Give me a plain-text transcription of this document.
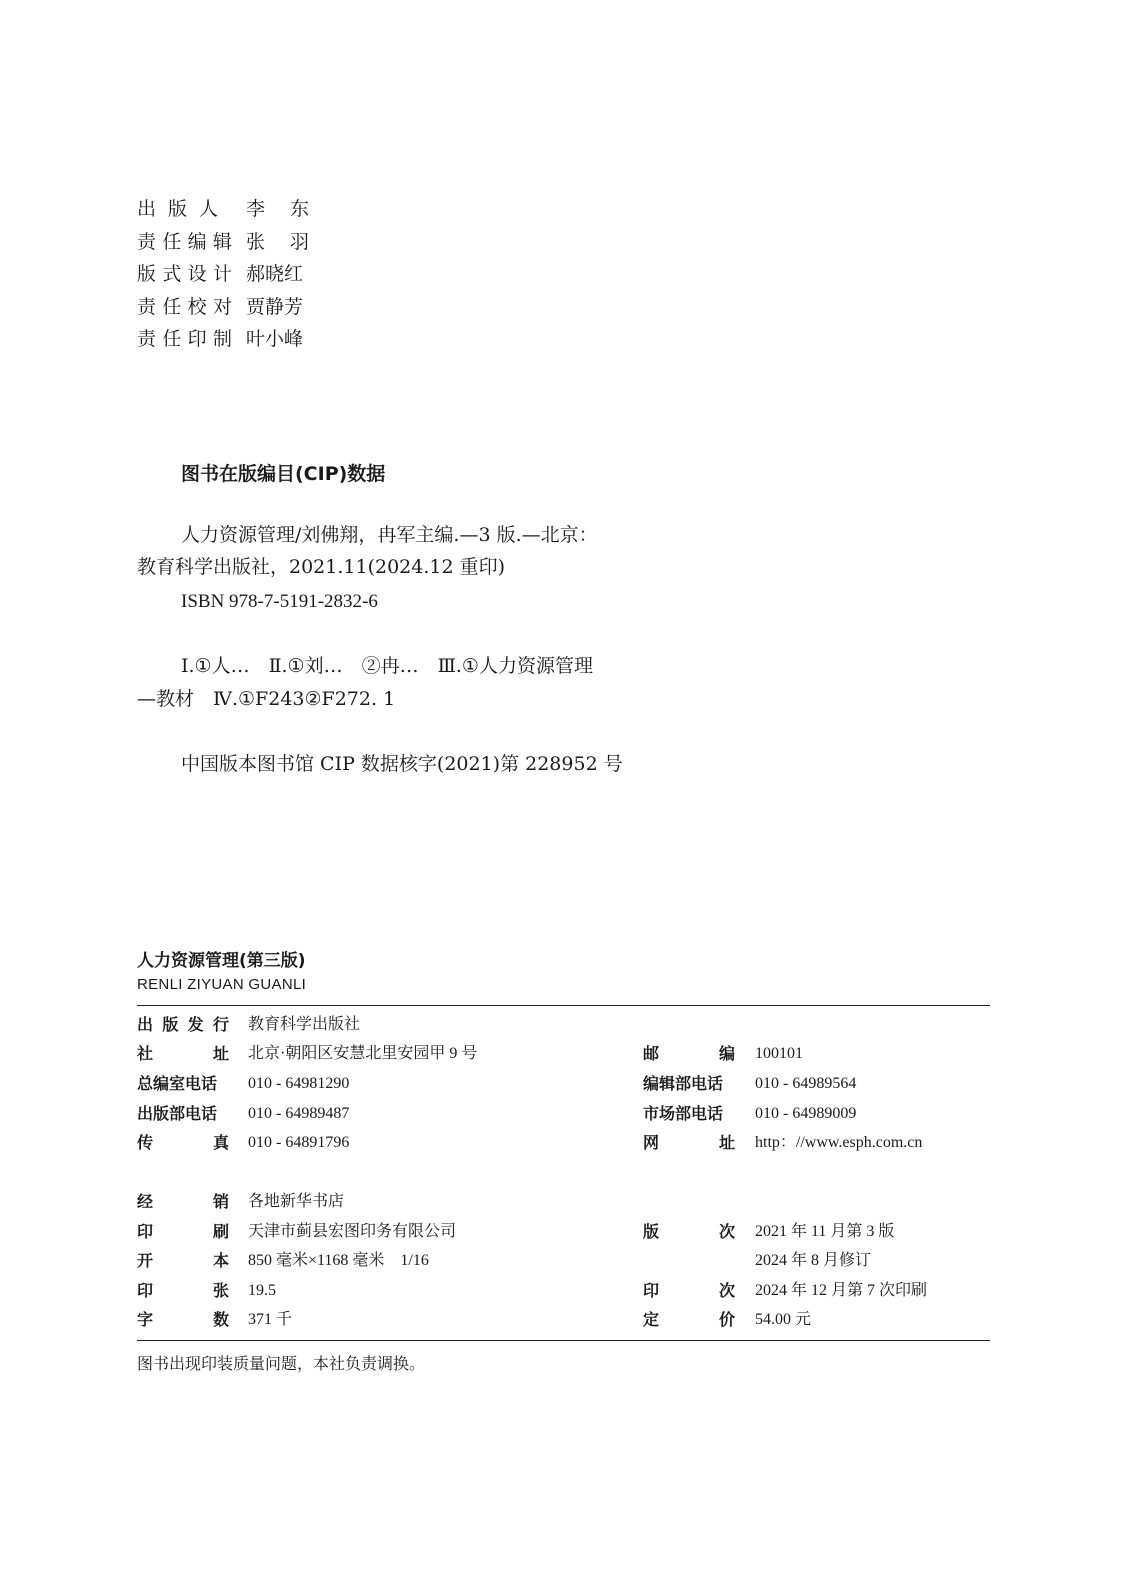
出 版 人 李 东
责 任 编 辑 张 羽
版 式 设 计 郝晓红
责 任 校 对 贾静芳
责 任 印 制 叶小峰
图书在版编目(CIP)数据
人力资源管理/刘佛翔，冉军主编.—3 版.—北京：
教育科学出版社，2021.11(2024.12 重印)
ISBN 978-7-5191-2832-6
Ⅰ.①人…　Ⅱ.①刘…　②冉…　Ⅲ.①人力资源管理
—教材　Ⅳ.①F243②F272. 1
中国版本图书馆 CIP 数据核字(2021)第 228952 号
人力资源管理(第三版)
RENLI ZIYUAN GUANLI
出 版 发 行 教育科学出版社
社	址 北京·朝阳区安慧北里安园甲 9 号	邮	编 100101
总编室电话	010 - 64981290	编辑部电话	010 - 64989564
出版部电话	010 - 64989487	市场部电话	010 - 64989009
传	真 010 - 64891796	网	址 http：//www.esph.com.cn
经	销 各地新华书店
印	刷 天津市蓟县宏图印务有限公司	版	次 2021 年 11 月第 3 版
开	本 850 毫米×1168 毫米　1/16	2024 年 8 月修订
印	张 19.5	印	次 2024 年 12 月第 7 次印刷
字	数 371 千	定	价 54.00 元
图书出现印装质量问题，本社负责调换。
